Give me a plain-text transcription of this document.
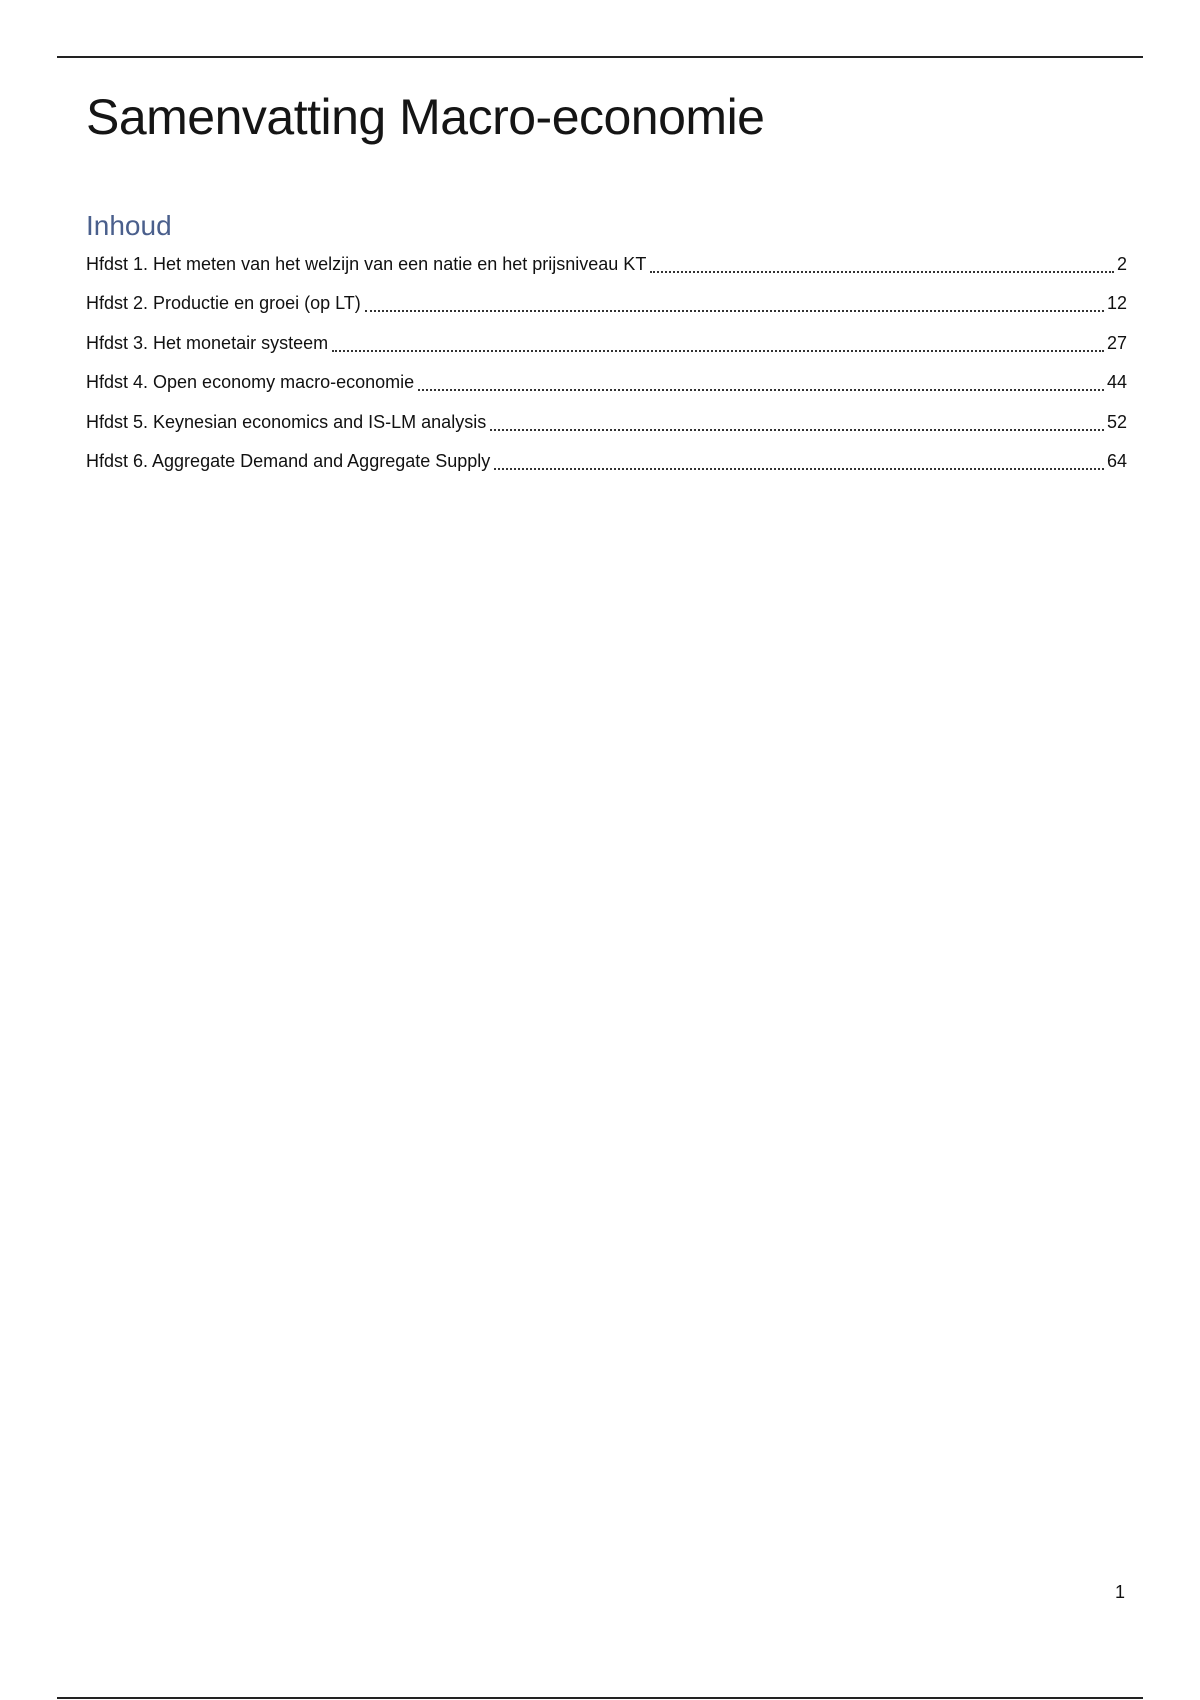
Samenvatting Macro-economie
Inhoud
Hfdst 1. Het meten van het welzijn van een natie en het prijsniveau KT	2
Hfdst 2. Productie en groei (op LT)	12
Hfdst 3. Het monetair systeem	27
Hfdst 4. Open economy macro-economie	44
Hfdst 5. Keynesian economics and IS-LM analysis	52
Hfdst 6. Aggregate Demand and Aggregate Supply	64
1
